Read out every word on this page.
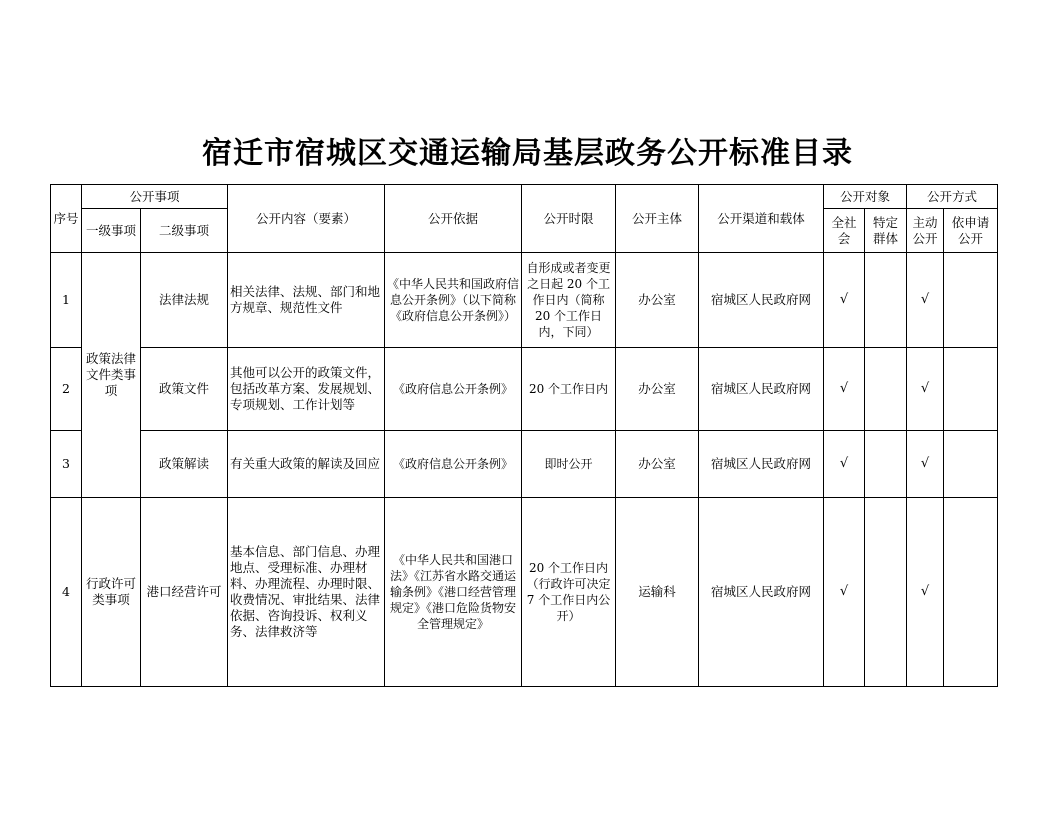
宿迁市宿城区交通运输局基层政务公开标准目录
序号	公开事项		公开内容（要素）	公开依据	公开时限	公开主体	公开渠道和载体	公开对象		公开方式	
	一级事项	二级事项						全社会	特定群体	主动公开	依申请公开

1	政策法律文件类事项	法律法规	相关法律、法规、部门和地方规章、规范性文件	《中华人民共和国政府信息公开条例》（以下简称《政府信息公开条例》）	自形成或者变更之日起 20 个工作日内（简称 20 个工作日内，下同）	办公室	宿城区人民政府网	√		√	
2		政策文件	其他可以公开的政策文件，包括改革方案、发展规划、专项规划、工作计划等	《政府信息公开条例》	20 个工作日内	办公室	宿城区人民政府网	√		√	
3		政策解读	有关重大政策的解读及回应	《政府信息公开条例》	即时公开	办公室	宿城区人民政府网	√		√	
4	行政许可类事项	港口经营许可	基本信息、部门信息、办理地点、受理标准、办理材料、办理流程、办理时限、收费情况、审批结果、法律依据、咨询投诉、权利义务、法律救济等	《中华人民共和国港口法》《江苏省水路交通运输条例》《港口经营管理规定》《港口危险货物安全管理规定》	20 个工作日内（行政许可决定 7 个工作日内公开）	运输科	宿城区人民政府网	√		√	
